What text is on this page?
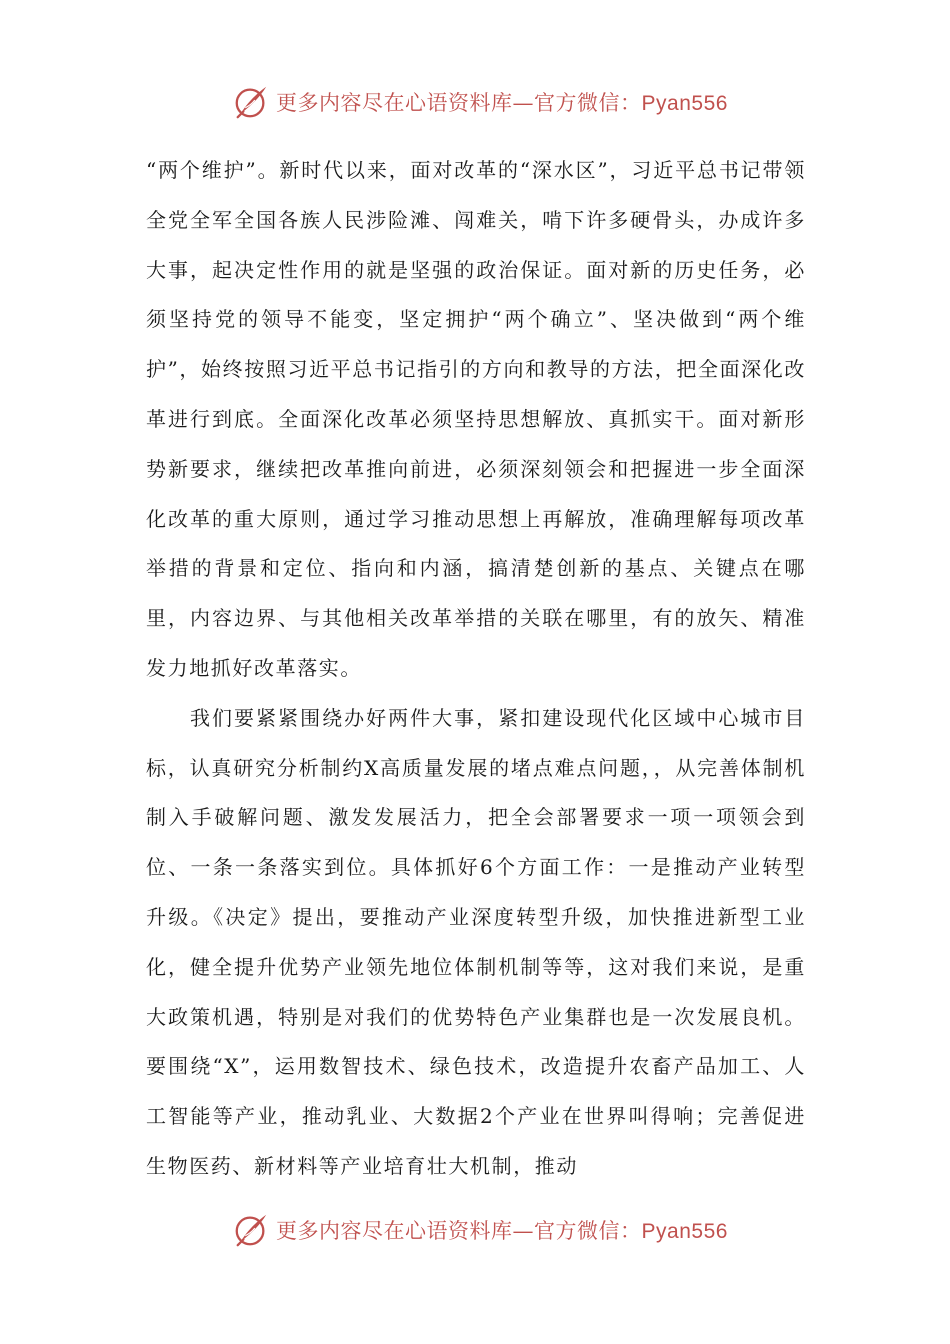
更多内容尽在心语资料库—官方微信：Pyan556

“两个维护”。新时代以来，面对改革的“深水区”，习近平总书记带领全党全军全国各族人民涉险滩、闯难关，啃下许多硬骨头，办成许多大事，起决定性作用的就是坚强的政治保证。面对新的历史任务，必须坚持党的领导不能变，坚定拥护“两个确立”、坚决做到“两个维护”，始终按照习近平总书记指引的方向和教导的方法，把全面深化改革进行到底。全面深化改革必须坚持思想解放、真抓实干。面对新形势新要求，继续把改革推向前进，必须深刻领会和把握进一步全面深化改革的重大原则，通过学习推动思想上再解放，准确理解每项改革举措的背景和定位、指向和内涵，搞清楚创新的基点、关键点在哪里，内容边界、与其他相关改革举措的关联在哪里，有的放矢、精准发力地抓好改革落实。

我们要紧紧围绕办好两件大事，紧扣建设现代化区域中心城市目标，认真研究分析制约X高质量发展的堵点难点问题，，从完善体制机制入手破解问题、激发发展活力，把全会部署要求一项一项领会到位、一条一条落实到位。具体抓好6个方面工作：一是推动产业转型升级。《决定》提出，要推动产业深度转型升级，加快推进新型工业化，健全提升优势产业领先地位体制机制等等，这对我们来说，是重大政策机遇，特别是对我们的优势特色产业集群也是一次发展良机。要围绕“X”，运用数智技术、绿色技术，改造提升农畜产品加工、人工智能等产业，推动乳业、大数据2个产业在世界叫得响；完善促进生物医药、新材料等产业培育壮大机制，推动

更多内容尽在心语资料库—官方微信：Pyan556
